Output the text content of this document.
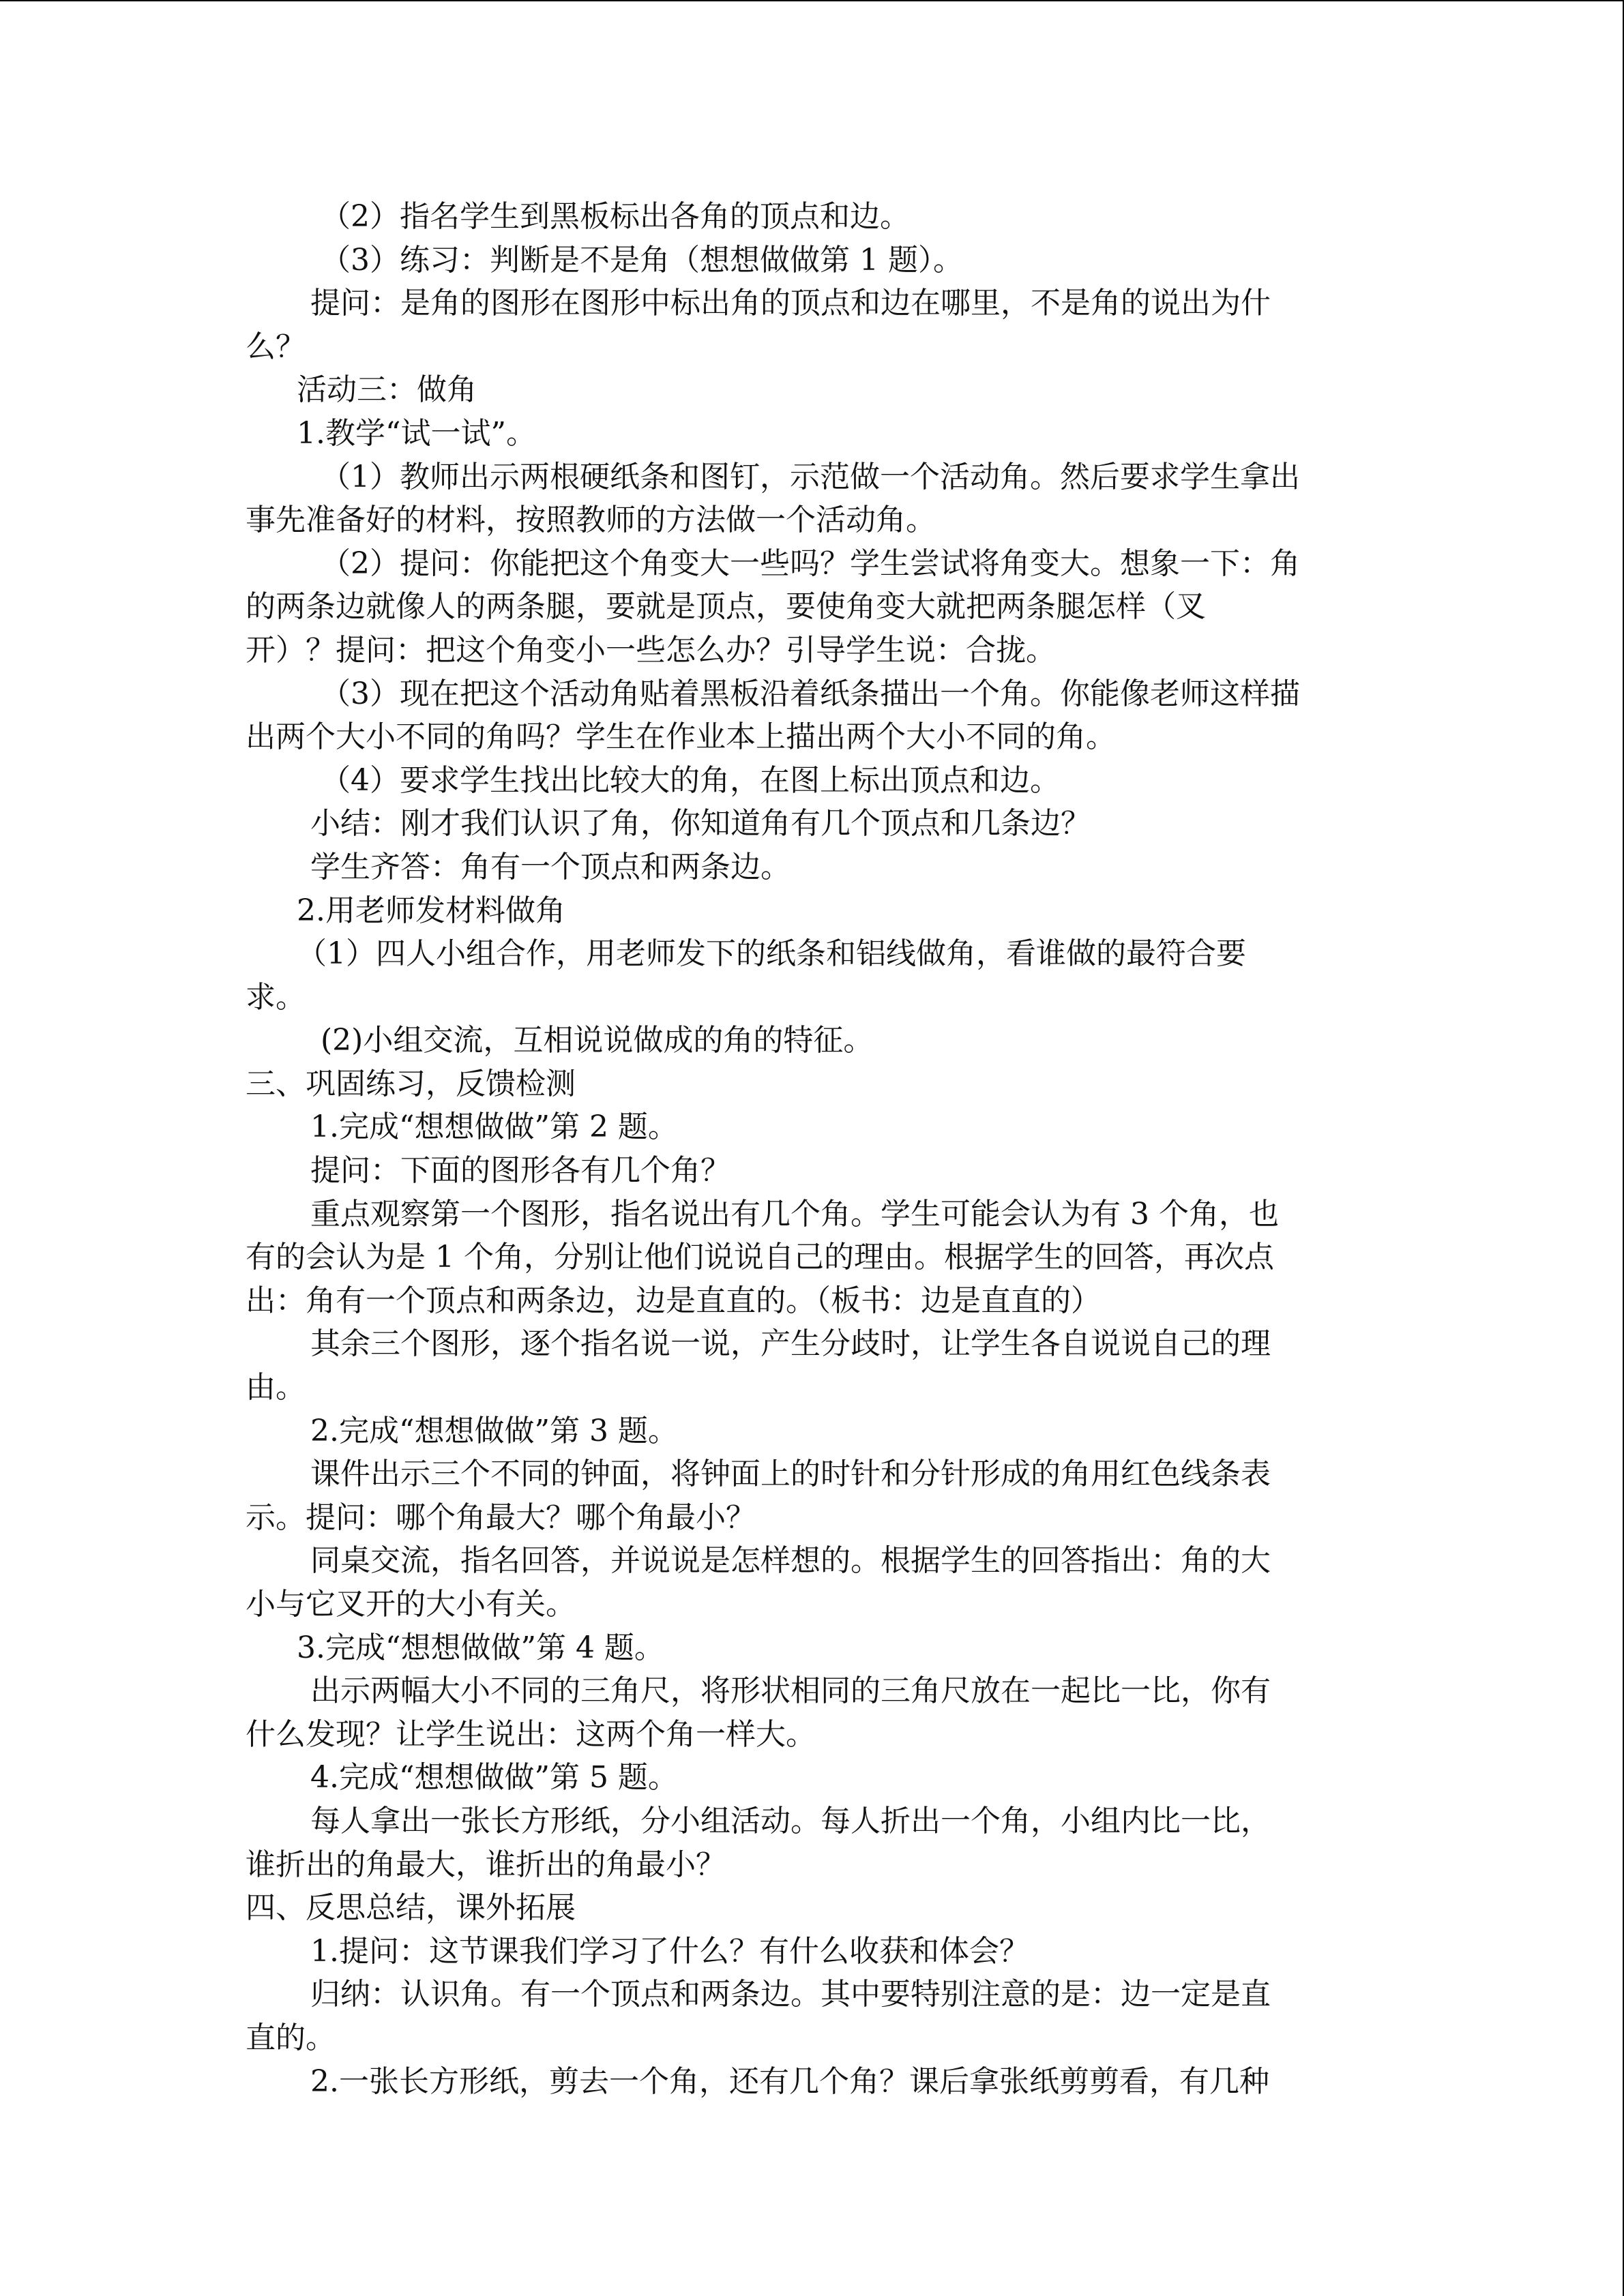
（2）指名学生到黑板标出各角的顶点和边。
（3）练习：判断是不是角（想想做做第 1 题）。
提问：是角的图形在图形中标出角的顶点和边在哪里，不是角的说出为什
么？
活动三：做角
1.教学“试一试”。
（1）教师出示两根硬纸条和图钉，示范做一个活动角。然后要求学生拿出
事先准备好的材料，按照教师的方法做一个活动角。
（2）提问：你能把这个角变大一些吗？学生尝试将角变大。想象一下：角
的两条边就像人的两条腿，要就是顶点，要使角变大就把两条腿怎样（叉
开）？提问：把这个角变小一些怎么办？引导学生说：合拢。
（3）现在把这个活动角贴着黑板沿着纸条描出一个角。你能像老师这样描
出两个大小不同的角吗？学生在作业本上描出两个大小不同的角。
（4）要求学生找出比较大的角，在图上标出顶点和边。
小结：刚才我们认识了角，你知道角有几个顶点和几条边？
学生齐答：角有一个顶点和两条边。
2.用老师发材料做角
（1）四人小组合作，用老师发下的纸条和铝线做角，看谁做的最符合要
求。
(2)小组交流，互相说说做成的角的特征。
三、巩固练习，反馈检测
1.完成“想想做做”第 2 题。
提问：下面的图形各有几个角？
重点观察第一个图形，指名说出有几个角。学生可能会认为有 3 个角，也
有的会认为是 1 个角，分别让他们说说自己的理由。根据学生的回答，再次点
出：角有一个顶点和两条边，边是直直的。（板书：边是直直的）
其余三个图形，逐个指名说一说，产生分歧时，让学生各自说说自己的理
由。
2.完成“想想做做”第 3 题。
课件出示三个不同的钟面，将钟面上的时针和分针形成的角用红色线条表
示。提问：哪个角最大？哪个角最小？
同桌交流，指名回答，并说说是怎样想的。根据学生的回答指出：角的大
小与它叉开的大小有关。
3.完成“想想做做”第 4 题。
出示两幅大小不同的三角尺，将形状相同的三角尺放在一起比一比，你有
什么发现？让学生说出：这两个角一样大。
4.完成“想想做做”第 5 题。
每人拿出一张长方形纸，分小组活动。每人折出一个角，小组内比一比，
谁折出的角最大，谁折出的角最小？
四、反思总结，课外拓展
1.提问：这节课我们学习了什么？有什么收获和体会？
归纳：认识角。有一个顶点和两条边。其中要特别注意的是：边一定是直
直的。
2.一张长方形纸，剪去一个角，还有几个角？课后拿张纸剪剪看，有几种
